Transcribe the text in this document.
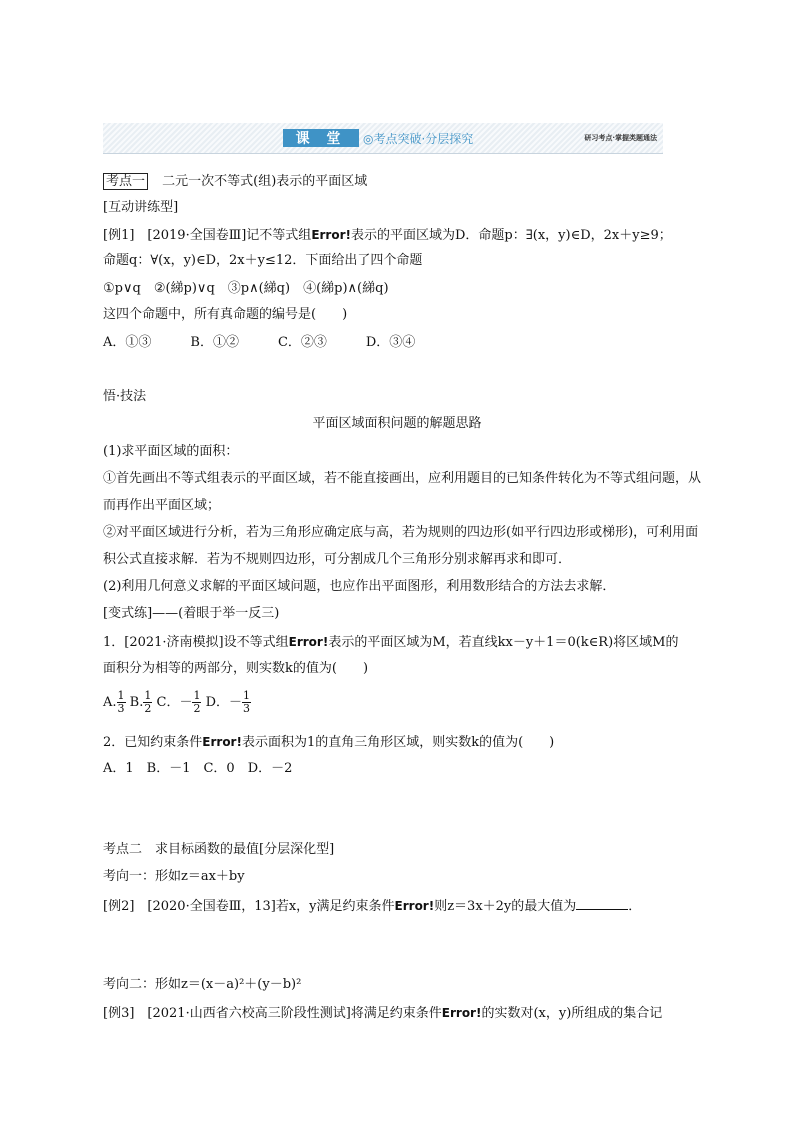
课 堂	◎考点突破·分层探究	研习考点·掌握类题通法
考点一 二元一次不等式(组)表示的平面区域
[互动讲练型]
[例1]　[2019·全国卷Ⅲ]记不等式组Error!表示的平面区域为D．命题p：∃(x，y)∈D，2x＋y≥9；
命题q：∀(x，y)∈D，2x＋y≤12．下面给出了四个命题
①p∨q　②(綈p)∨q　③p∧(綈q)　④(綈p)∧(綈q)
这四个命题中，所有真命题的编号是(　　)
A．①③　　　B．①②　　　C．②③　　　D．③④
悟·技法
平面区域面积问题的解题思路
(1)求平面区域的面积：
①首先画出不等式组表示的平面区域，若不能直接画出，应利用题目的已知条件转化为不等式组问题，从
而再作出平面区域；
②对平面区域进行分析，若为三角形应确定底与高，若为规则的四边形(如平行四边形或梯形)，可利用面
积公式直接求解．若为不规则四边形，可分割成几个三角形分别求解再求和即可．
(2)利用几何意义求解的平面区域问题，也应作出平面图形，利用数形结合的方法去求解．
[变式练]——(着眼于举一反三)
1．[2021·济南模拟]设不等式组Error!表示的平面区域为M，若直线kx－y＋1＝0(k∈R)将区域M的
面积分为相等的两部分，则实数k的值为(　　)
A. $\frac{1}{3} B$. $\frac{1}{2}$ C．－ $\frac{1}{2}$ D．－ $\frac{1}{3}$
2．已知约束条件Error!表示面积为1的直角三角形区域，则实数k的值为(　　)
A．1　B．－1　C．0　D．－2
考点二　求目标函数的最值[分层深化型]
考向一：形如z＝ax＋by
[例2]　[2020·全国卷Ⅲ，13]若x，y满足约束条件Error!则z＝3x＋2y的最大值为	．
考向二：形如z＝(x－a)²＋(y－b)²
[例3]　[2021·山西省六校高三阶段性测试]将满足约束条件Error!的实数对(x，y)所组成的集合记
